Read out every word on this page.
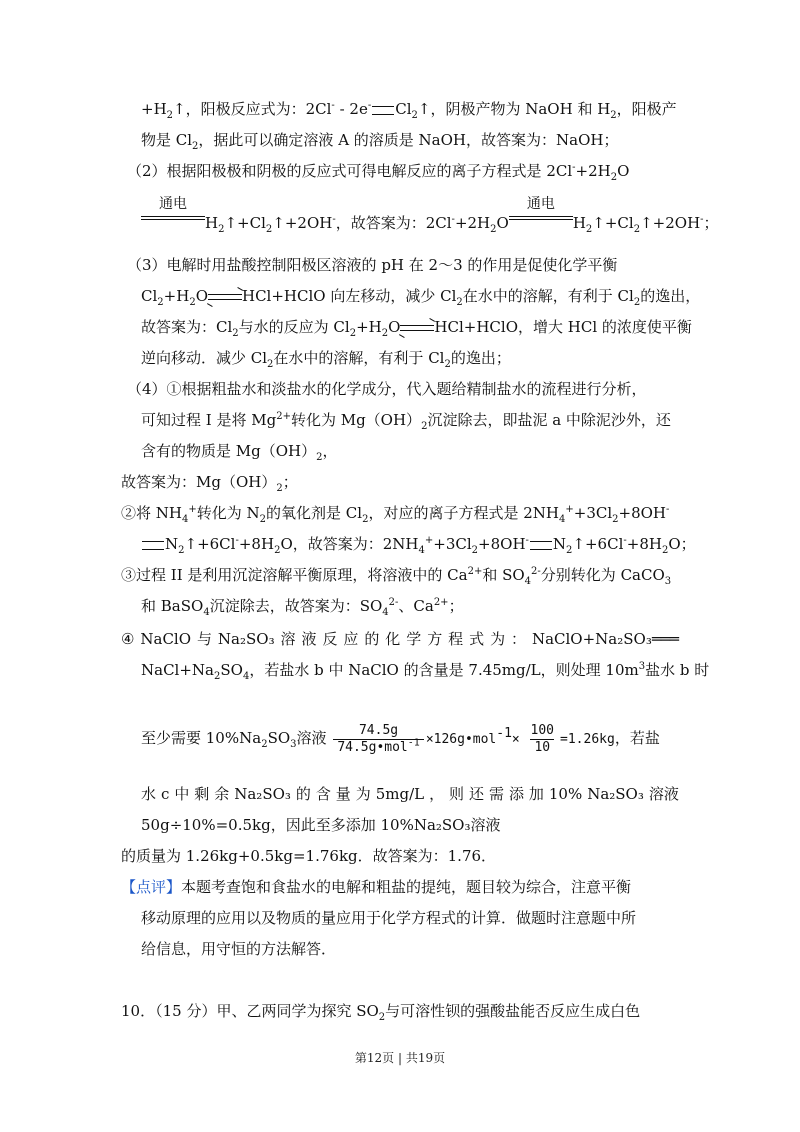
$+H_2↑$，阳极反应式为：2Cl- - 2e- $Cl_2↑$，阴极产物为 NaOH 和 $H_2$，阳极产
物是 $Cl_2$，据此可以确定溶液 A 的溶质是 NaOH，故答案为：NaOH；
（2）根据阳极极和阴极的反应式可得电解反应的离子方程式是 $2Cl^-+2H_2O$
通电
$H_2↑+Cl_2↑+2OH^-$，故答案为：$2Cl^-+2H_2O$
通电
$H_2↑+Cl_2↑+2OH^-$；
（3）电解时用盐酸控制阳极区溶液的 pH 在 2～3 的作用是促使化学平衡
$Cl_2+H_2O\to HCl+HClO$ 向左移动，减少 $Cl_2$在水中的溶解，有利于 $Cl_2$的逸出，
故答案为：$Cl_2$与水的反应为 $Cl_2+H_2O\to HCl+HClO$，增大 HCl 的浓度使平衡
逆向移动．减少 $Cl_2$在水中的溶解，有利于 $Cl_2$的逸出；
（4）①根据粗盐水和淡盐水的化学成分，代入题给精制盐水的流程进行分析，
可知过程 I 是将 $Mg^{2+}$转化为 $Mg(OH)_2$沉淀除去，即盐泥 a 中除泥沙外，还
含有的物质是 $Mg(OH)_2$，
故答案为：$Mg(OH)_2$；
②将 $NH_4^+$转化为 $N_2$的氧化剂是 $Cl_2$，对应的离子方程式是 $2NH_4^++3Cl_2+8OH^-$
$N_2↑+6Cl^-+8H_2O$，故答案为：$2NH_4^++3Cl_2+8OH^-$ $N_2↑+6Cl^-+8H_2O$；
③过程 II 是利用沉淀溶解平衡原理，将溶液中的 $Ca^{2+}$和 $SO_4^{2-}$分别转化为 CaCO$_3$
和 BaSO$_4$沉淀除去，故答案为：$SO_4^{2-}$、$Ca^{2+}$；
④ NaClO 与 Na₂SO₃ 溶 液 反 应 的 化 学 方 程 式 为 ： NaClO+Na₂SO₃═══
$NaCl+Na_2SO_4$，若盐水 b 中 NaClO 的含量是 7.45mg/L，则处理 $10m^3$盐水 b 时
至少需要 $10\%Na_2SO_3$溶液 $\frac{74.5g}{74.5g•mol^{-1}}$ ×126g•mol$^{-1}$× $\frac{100}{10} =1.26kg$，若盐
水 c 中 剩 余 Na₂SO₃ 的 含 量 为 5mg/L ， 则 还 需 添 加 10% Na₂SO₃ 溶液
50g÷10%=0.5kg，因此至多添加 10%Na₂SO₃溶液
的质量为 1.26kg+0.5kg=1.76kg．故答案为：1.76．
【点评】本题考查饱和食盐水的电解和粗盐的提纯，题目较为综合，注意平衡
移动原理的应用以及物质的量应用于化学方程式的计算．做题时注意题中所
给信息，用守恒的方法解答．
10．（15 分）甲、乙两同学为探究 $SO_2$与可溶性钡的强酸盐能否反应生成白色
第12页 | 共19页
